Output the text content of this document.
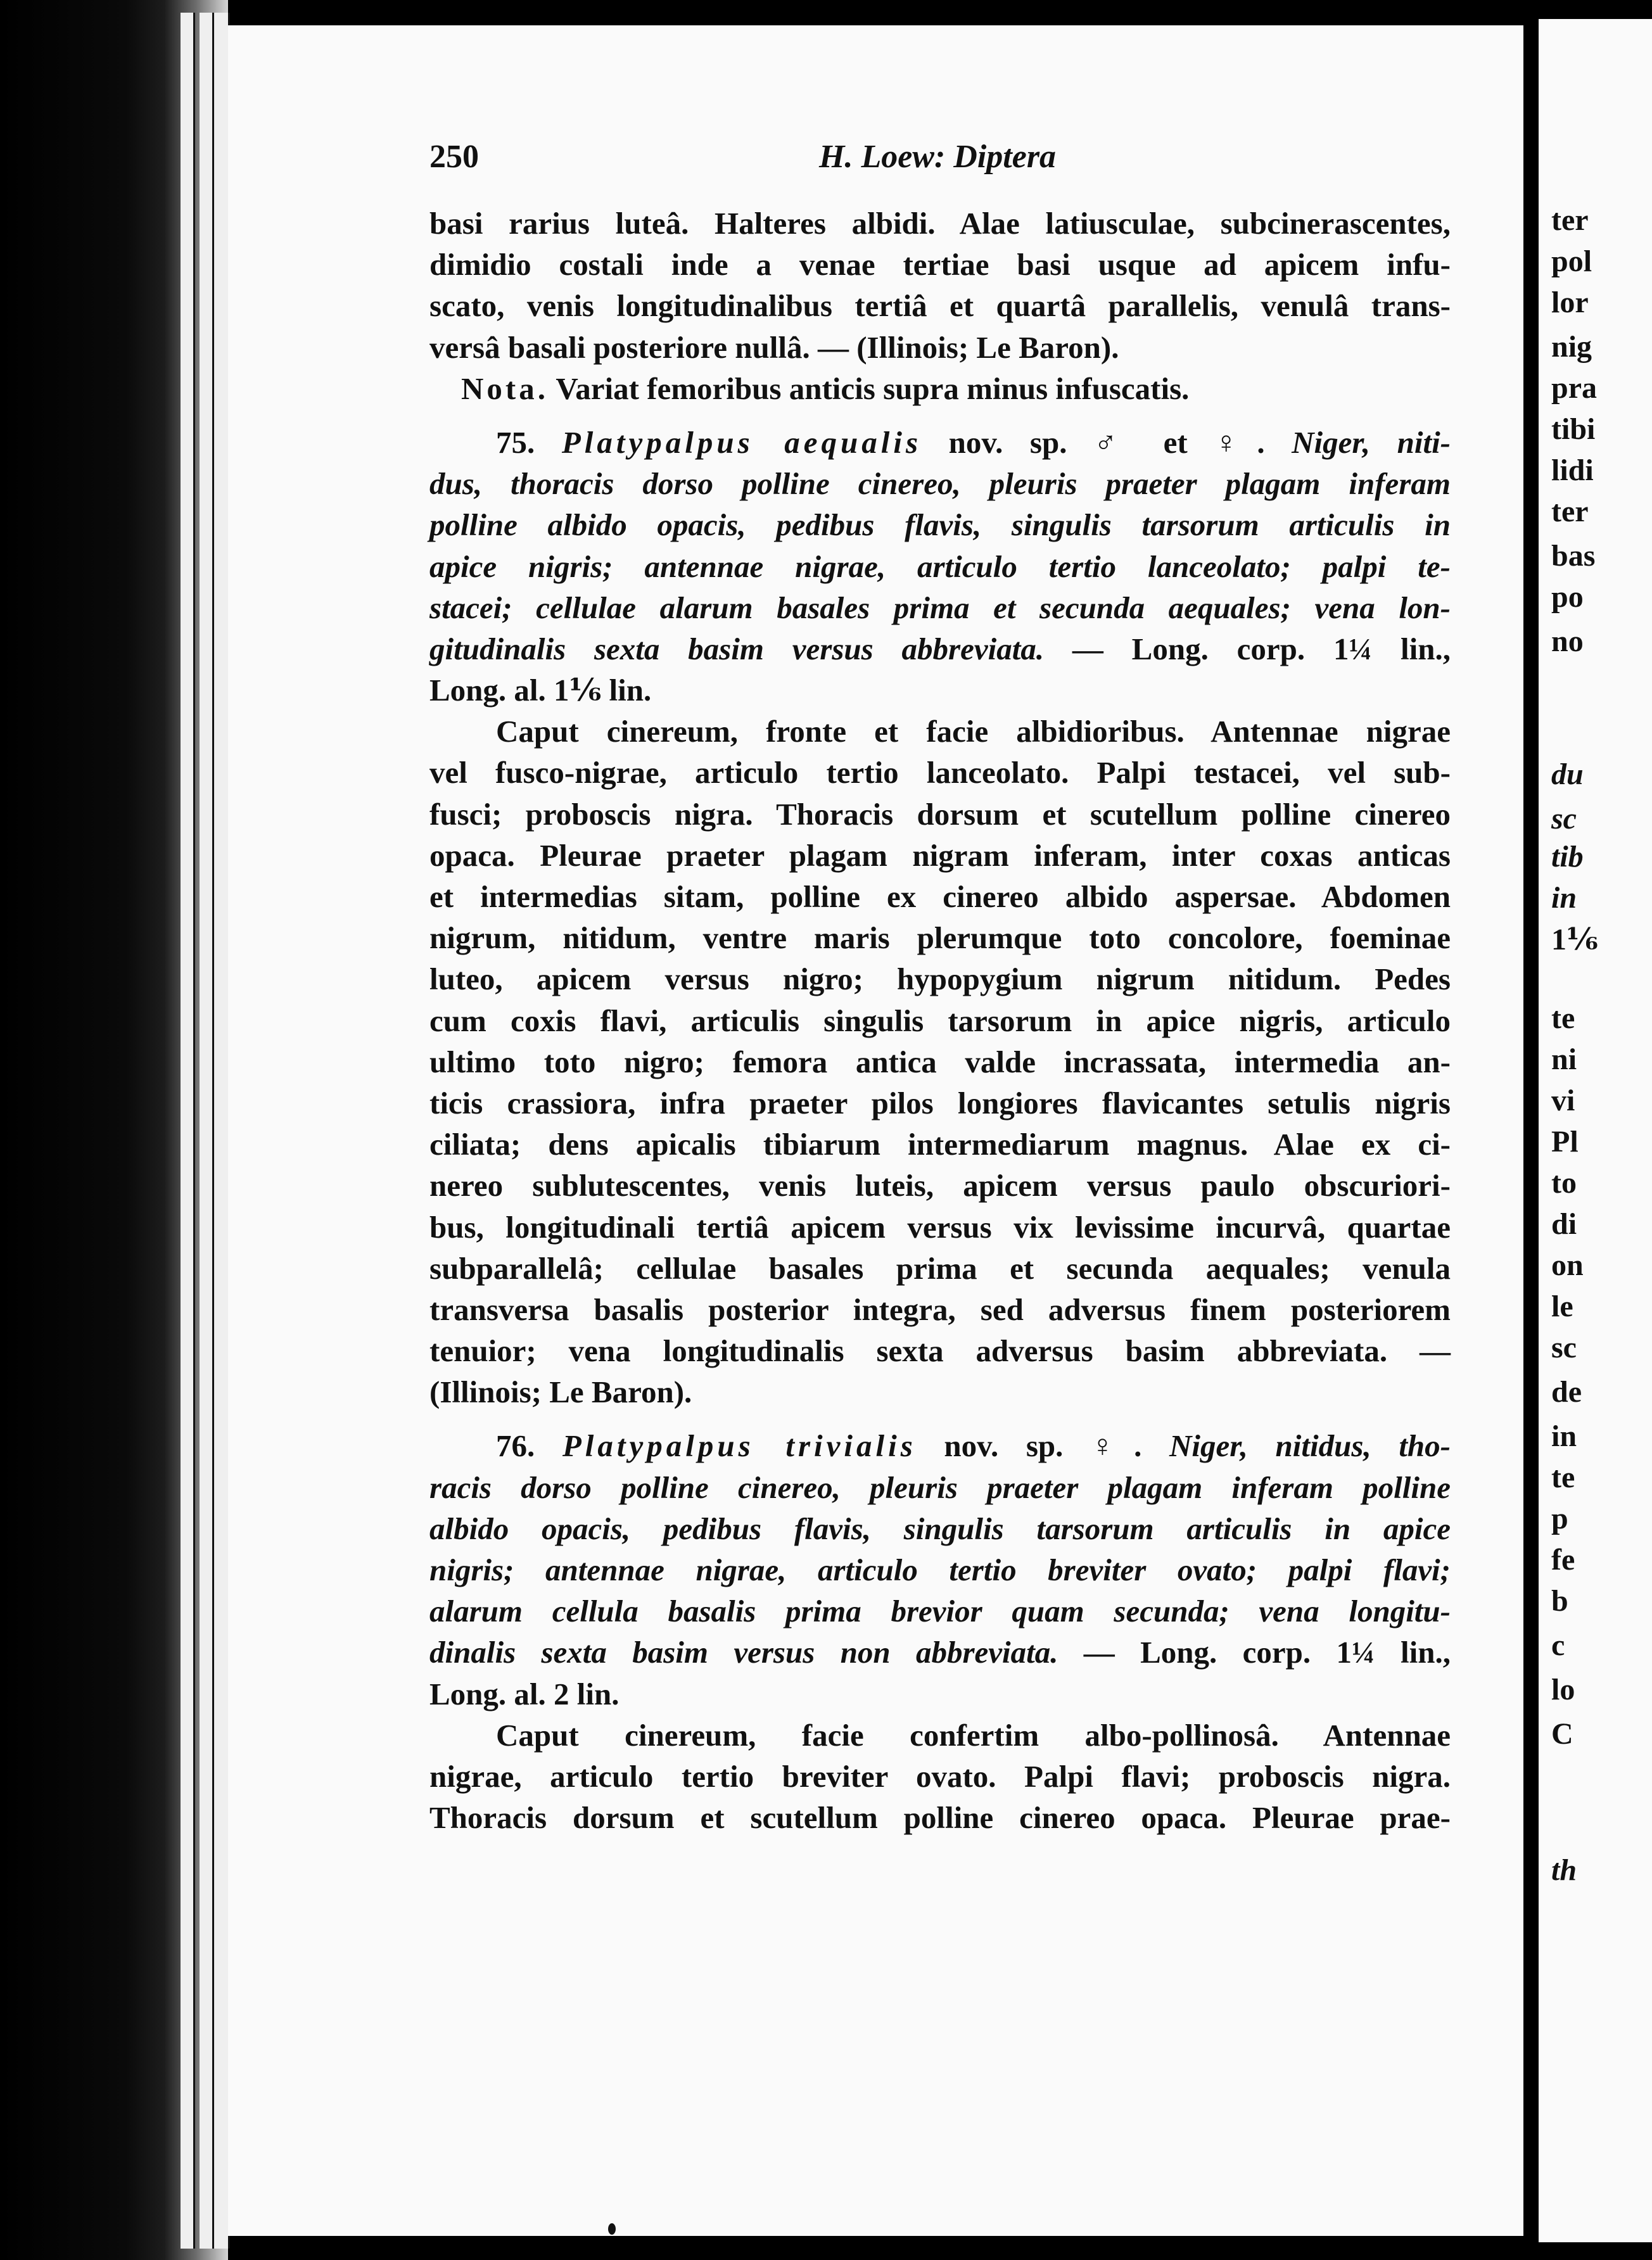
ter
pol
lor
nig
pra
tibi
lidi
ter
bas
po
no
du
sc
tib
in
1⅙
te
ni
vi
Pl
to
di
on
le
sc
de
in
te
p
fe
b
c
lo
C
th
250	H. Loew: Diptera
basi rarius luteâ. Halteres albidi. Alae latiusculae, subcinerascentes,
dimidio costali inde a venae tertiae basi usque ad apicem infu-
scato, venis longitudinalibus tertiâ et quartâ parallelis, venulâ trans-
versâ basali posteriore nullâ. — (Illinois; Le Baron).
Nota. Variat femoribus anticis supra minus infuscatis.
75. Platypalpus aequalis nov. sp. ♂ et ♀. Niger, niti-
dus, thoracis dorso polline cinereo, pleuris praeter plagam inferam
polline albido opacis, pedibus flavis, singulis tarsorum articulis in
apice nigris; antennae nigrae, articulo tertio lanceolato; palpi te-
stacei; cellulae alarum basales prima et secunda aequales; vena lon-
gitudinalis sexta basim versus abbreviata. — Long. corp. 1¼ lin.,
Long. al. 1⅙ lin.
Caput cinereum, fronte et facie albidioribus. Antennae nigrae
vel fusco-nigrae, articulo tertio lanceolato. Palpi testacei, vel sub-
fusci; proboscis nigra. Thoracis dorsum et scutellum polline cinereo
opaca. Pleurae praeter plagam nigram inferam, inter coxas anticas
et intermedias sitam, polline ex cinereo albido aspersae. Abdomen
nigrum, nitidum, ventre maris plerumque toto concolore, foeminae
luteo, apicem versus nigro; hypopygium nigrum nitidum. Pedes
cum coxis flavi, articulis singulis tarsorum in apice nigris, articulo
ultimo toto nigro; femora antica valde incrassata, intermedia an-
ticis crassiora, infra praeter pilos longiores flavicantes setulis nigris
ciliata; dens apicalis tibiarum intermediarum magnus. Alae ex ci-
nereo sublutescentes, venis luteis, apicem versus paulo obscuriori-
bus, longitudinali tertiâ apicem versus vix levissime incurvâ, quartae
subparallelâ; cellulae basales prima et secunda aequales; venula
transversa basalis posterior integra, sed adversus finem posteriorem
tenuior; vena longitudinalis sexta adversus basim abbreviata. —
(Illinois; Le Baron).
76. Platypalpus trivialis nov. sp. ♀. Niger, nitidus, tho-
racis dorso polline cinereo, pleuris praeter plagam inferam polline
albido opacis, pedibus flavis, singulis tarsorum articulis in apice
nigris; antennae nigrae, articulo tertio breviter ovato; palpi flavi;
alarum cellula basalis prima brevior quam secunda; vena longitu-
dinalis sexta basim versus non abbreviata. — Long. corp. 1¼ lin.,
Long. al. 2 lin.
Caput cinereum, facie confertim albo-pollinosâ. Antennae
nigrae, articulo tertio breviter ovato. Palpi flavi; proboscis nigra.
Thoracis dorsum et scutellum polline cinereo opaca. Pleurae prae-
